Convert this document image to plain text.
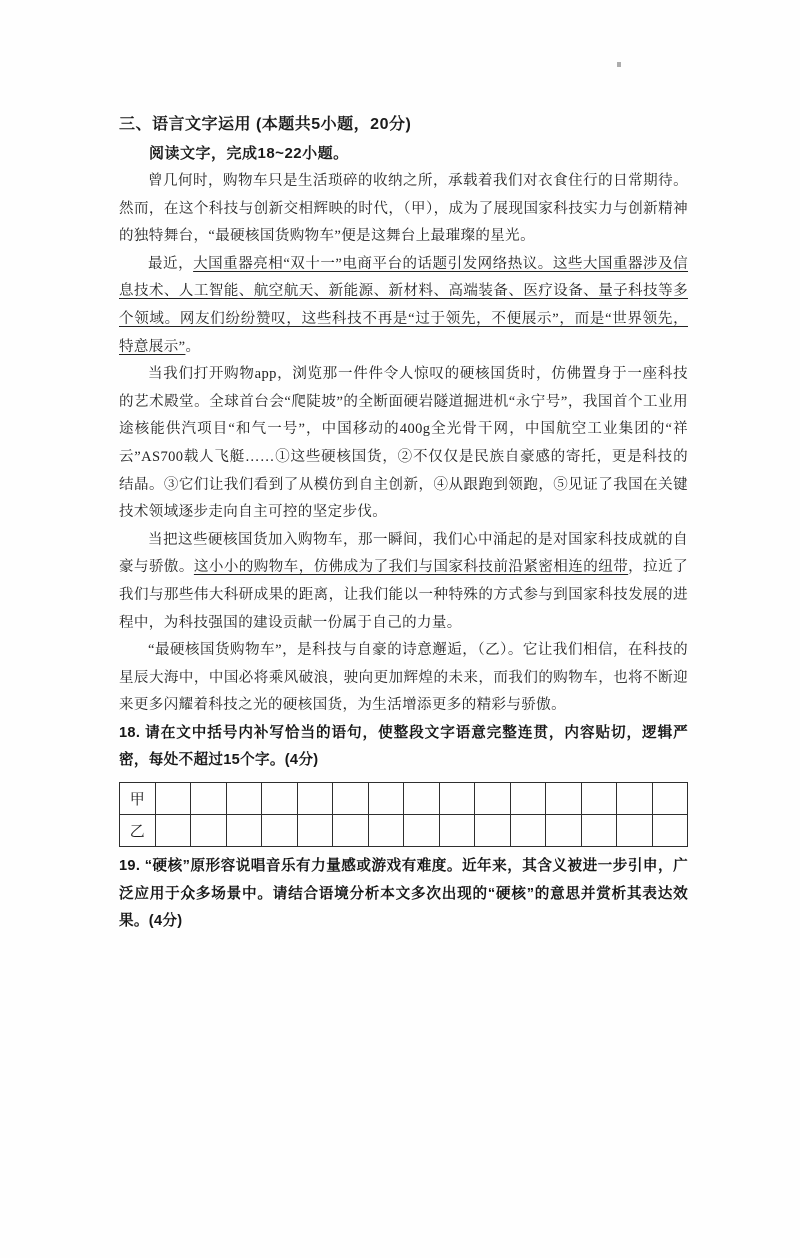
三、语言文字运用 (本题共5小题，20分)

阅读文字，完成18~22小题。

曾几何时，购物车只是生活琐碎的收纳之所，承载着我们对衣食住行的日常期待。然而，在这个科技与创新交相辉映的时代，（甲），成为了展现国家科技实力与创新精神的独特舞台，“最硬核国货购物车”便是这舞台上最璀璨的星光。

最近，大国重器亮相“双十一”电商平台的话题引发网络热议。这些大国重器涉及信息技术、人工智能、航空航天、新能源、新材料、高端装备、医疗设备、量子科技等多个领域。网友们纷纷赞叹，这些科技不再是“过于领先，不便展示”，而是“世界领先，特意展示”。

当我们打开购物app，浏览那一件件令人惊叹的硬核国货时，仿佛置身于一座科技的艺术殿堂。全球首台会“爬陡坡”的全断面硬岩隧道掘进机“永宁号”，我国首个工业用途核能供汽项目“和气一号”，中国移动的400g全光骨干网，中国航空工业集团的“祥云”AS700载人飞艇……①这些硬核国货，②不仅仅是民族自豪感的寄托，更是科技的结晶。③它们让我们看到了从模仿到自主创新，④从跟跑到领跑，⑤见证了我国在关键技术领域逐步走向自主可控的坚定步伐。

当把这些硬核国货加入购物车，那一瞬间，我们心中涌起的是对国家科技成就的自豪与骄傲。这小小的购物车，仿佛成为了我们与国家科技前沿紧密相连的纽带，拉近了我们与那些伟大科研成果的距离，让我们能以一种特殊的方式参与到国家科技发展的进程中，为科技强国的建设贡献一份属于自己的力量。

“最硬核国货购物车”，是科技与自豪的诗意邂逅，（乙）。它让我们相信，在科技的星辰大海中，中国必将乘风破浪，驶向更加辉煌的未来，而我们的购物车，也将不断迎来更多闪耀着科技之光的硬核国货，为生活增添更多的精彩与骄傲。

18. 请在文中括号内补写恰当的语句，使整段文字语意完整连贯，内容贴切，逻辑严密，每处不超过15个字。(4分)

甲															
乙															

19. “硬核”原形容说唱音乐有力量感或游戏有难度。近年来，其含义被进一步引申，广泛应用于众多场景中。请结合语境分析本文多次出现的“硬核”的意思并赏析其表达效果。(4分)
